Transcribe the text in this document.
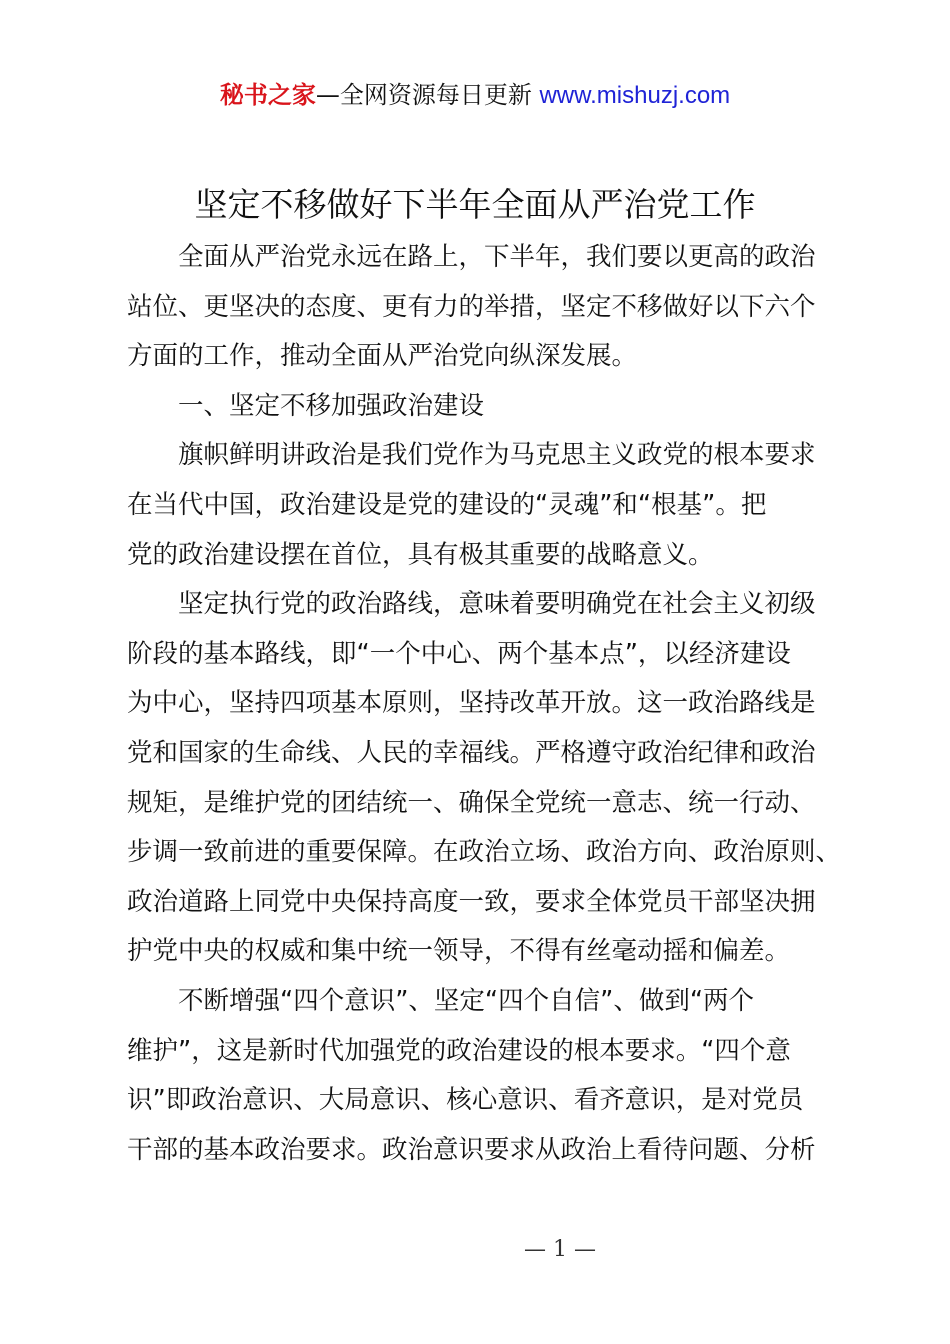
秘书之家—全网资源每日更新 www.mishuzj.com
坚定不移做好下半年全面从严治党工作
全面从严治党永远在路上，下半年，我们要以更高的政治
站位、更坚决的态度、更有力的举措，坚定不移做好以下六个
方面的工作，推动全面从严治党向纵深发展。
一、坚定不移加强政治建设
旗帜鲜明讲政治是我们党作为马克思主义政党的根本要求
在当代中国，政治建设是党的建设的“灵魂”和“根基”。把
党的政治建设摆在首位，具有极其重要的战略意义。
坚定执行党的政治路线，意味着要明确党在社会主义初级
阶段的基本路线，即“一个中心、两个基本点”，以经济建设
为中心，坚持四项基本原则，坚持改革开放。这一政治路线是
党和国家的生命线、人民的幸福线。严格遵守政治纪律和政治
规矩，是维护党的团结统一、确保全党统一意志、统一行动、
步调一致前进的重要保障。在政治立场、政治方向、政治原则、
政治道路上同党中央保持高度一致，要求全体党员干部坚决拥
护党中央的权威和集中统一领导，不得有丝毫动摇和偏差。
不断增强“四个意识”、坚定“四个自信”、做到“两个
维护”，这是新时代加强党的政治建设的根本要求。“四个意
识”即政治意识、大局意识、核心意识、看齐意识，是对党员
干部的基本政治要求。政治意识要求从政治上看待问题、分析
— 1 —
